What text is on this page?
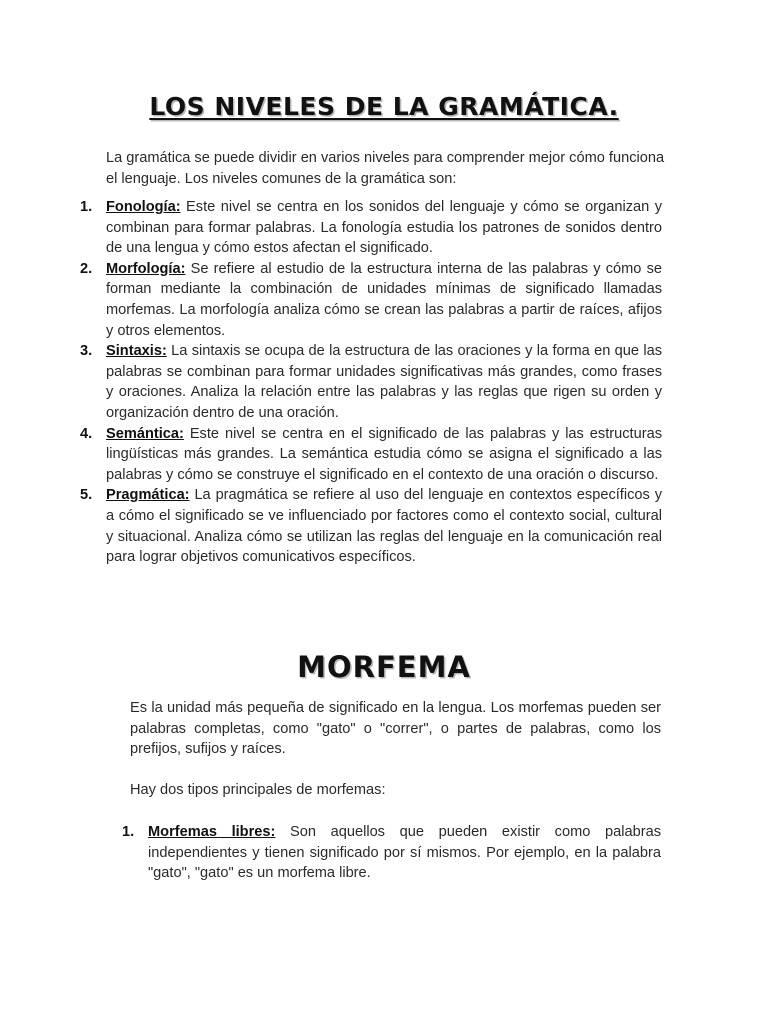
LOS NIVELES DE LA GRAMÁTICA.
La gramática se puede dividir en varios niveles para comprender mejor cómo funciona el lenguaje. Los niveles comunes de la gramática son:
1. Fonología: Este nivel se centra en los sonidos del lenguaje y cómo se organizan y combinan para formar palabras. La fonología estudia los patrones de sonidos dentro de una lengua y cómo estos afectan el significado.
2. Morfología: Se refiere al estudio de la estructura interna de las palabras y cómo se forman mediante la combinación de unidades mínimas de significado llamadas morfemas. La morfología analiza cómo se crean las palabras a partir de raíces, afijos y otros elementos.
3. Sintaxis: La sintaxis se ocupa de la estructura de las oraciones y la forma en que las palabras se combinan para formar unidades significativas más grandes, como frases y oraciones. Analiza la relación entre las palabras y las reglas que rigen su orden y organización dentro de una oración.
4. Semántica: Este nivel se centra en el significado de las palabras y las estructuras lingüísticas más grandes. La semántica estudia cómo se asigna el significado a las palabras y cómo se construye el significado en el contexto de una oración o discurso.
5. Pragmática: La pragmática se refiere al uso del lenguaje en contextos específicos y a cómo el significado se ve influenciado por factores como el contexto social, cultural y situacional. Analiza cómo se utilizan las reglas del lenguaje en la comunicación real para lograr objetivos comunicativos específicos.
MORFEMA
Es la unidad más pequeña de significado en la lengua. Los morfemas pueden ser palabras completas, como "gato" o "correr", o partes de palabras, como los prefijos, sufijos y raíces.
Hay dos tipos principales de morfemas:
1. Morfemas libres: Son aquellos que pueden existir como palabras independientes y tienen significado por sí mismos. Por ejemplo, en la palabra "gato", "gato" es un morfema libre.
